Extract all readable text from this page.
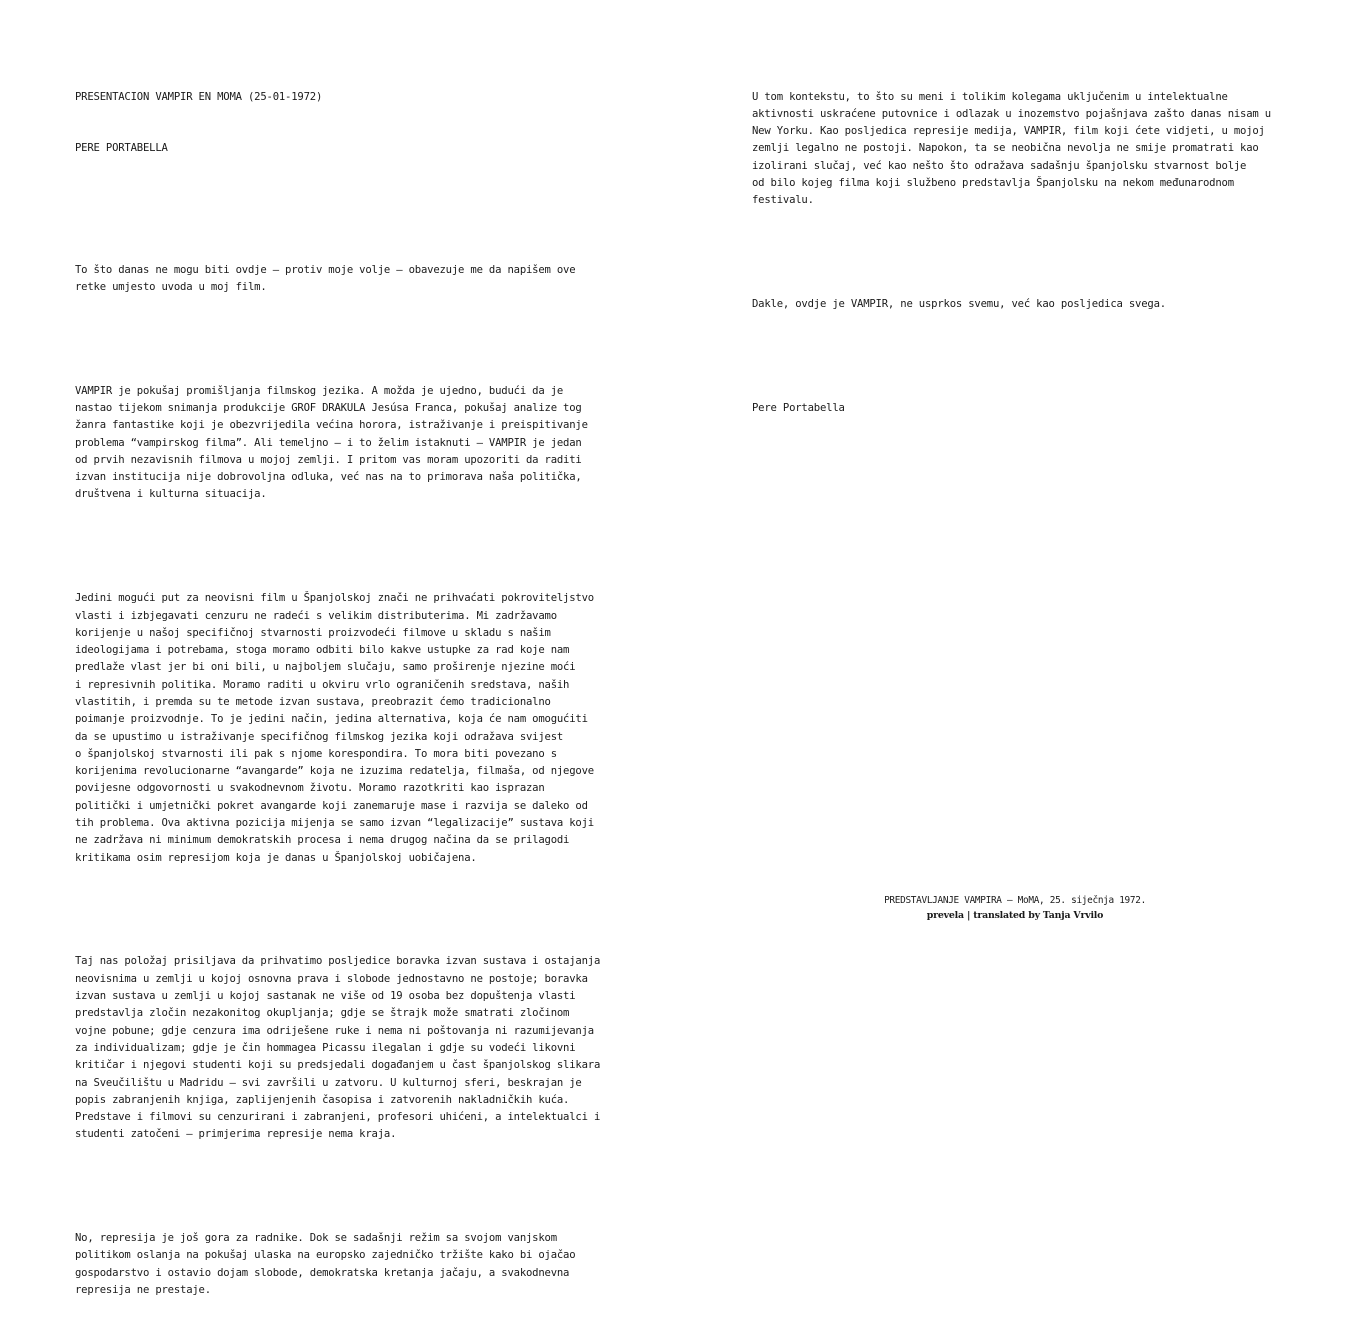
PRESENTACION VAMPIR EN MOMA (25-01-1972)

PERE PORTABELLA

To što danas ne mogu biti ovdje – protiv moje volje – obavezuje me da napišem ove
retke umjesto uvoda u moj film.

VAMPIR je pokušaj promišljanja filmskog jezika. A možda je ujedno, budući da je
nastao tijekom snimanja produkcije GROF DRAKULA Jesúsa Franca, pokušaj analize tog
žanra fantastike koji je obezvrijedila većina horora, istraživanje i preispitivanje
problema “vampirskog filma”. Ali temeljno – i to želim istaknuti – VAMPIR je jedan
od prvih nezavisnih filmova u mojoj zemlji. I pritom vas moram upozoriti da raditi
izvan institucija nije dobrovoljna odluka, već nas na to primorava naša politička,
društvena i kulturna situacija.

Jedini mogući put za neovisni film u Španjolskoj znači ne prihvaćati pokroviteljstvo
vlasti i izbjegavati cenzuru ne radeći s velikim distributerima. Mi zadržavamo
korijenje u našoj specifičnoj stvarnosti proizvodeći filmove u skladu s našim
ideologijama i potrebama, stoga moramo odbiti bilo kakve ustupke za rad koje nam
predlaže vlast jer bi oni bili, u najboljem slučaju, samo proširenje njezine moći
i represivnih politika. Moramo raditi u okviru vrlo ograničenih sredstava, naših
vlastitih, i premda su te metode izvan sustava, preobrazit ćemo tradicionalno
poimanje proizvodnje. To je jedini način, jedina alternativa, koja će nam omogućiti
da se upustimo u istraživanje specifičnog filmskog jezika koji odražava svijest
o španjolskoj stvarnosti ili pak s njome korespondira. To mora biti povezano s
korijenima revolucionarne “avangarde” koja ne izuzima redatelja, filmaša, od njegove
povijesne odgovornosti u svakodnevnom životu. Moramo razotkriti kao isprazan
politički i umjetnički pokret avangarde koji zanemaruje mase i razvija se daleko od
tih problema. Ova aktivna pozicija mijenja se samo izvan “legalizacije” sustava koji
ne zadržava ni minimum demokratskih procesa i nema drugog načina da se prilagodi
kritikama osim represijom koja je danas u Španjolskoj uobičajena.

Taj nas položaj prisiljava da prihvatimo posljedice boravka izvan sustava i ostajanja
neovisnima u zemlji u kojoj osnovna prava i slobode jednostavno ne postoje; boravka
izvan sustava u zemlji u kojoj sastanak ne više od 19 osoba bez dopuštenja vlasti
predstavlja zločin nezakonitog okupljanja; gdje se štrajk može smatrati zločinom
vojne pobune; gdje cenzura ima odriješene ruke i nema ni poštovanja ni razumijevanja
za individualizam; gdje je čin hommagea Picassu ilegalan i gdje su vodeći likovni
kritičar i njegovi studenti koji su predsjedali događanjem u čast španjolskog slikara
na Sveučilištu u Madridu – svi završili u zatvoru. U kulturnoj sferi, beskrajan je
popis zabranjenih knjiga, zaplijenjenih časopisa i zatvorenih nakladničkih kuća.
Predstave i filmovi su cenzurirani i zabranjeni, profesori uhićeni, a intelektualci i
studenti zatočeni – primjerima represije nema kraja.

No, represija je još gora za radnike. Dok se sadašnji režim sa svojom vanjskom
politikom oslanja na pokušaj ulaska na europsko zajedničko tržište kako bi ojačao
gospodarstvo i ostavio dojam slobode, demokratska kretanja jačaju, a svakodnevna
represija ne prestaje.

U tom kontekstu, to što su meni i tolikim kolegama uključenim u intelektualne
aktivnosti uskraćene putovnice i odlazak u inozemstvo pojašnjava zašto danas nisam u
New Yorku. Kao posljedica represije medija, VAMPIR, film koji ćete vidjeti, u mojoj
zemlji legalno ne postoji. Napokon, ta se neobična nevolja ne smije promatrati kao
izolirani slučaj, već kao nešto što odražava sadašnju španjolsku stvarnost bolje
od bilo kojeg filma koji službeno predstavlja Španjolsku na nekom međunarodnom
festivalu.

Dakle, ovdje je VAMPIR, ne usprkos svemu, već kao posljedica svega.

Pere Portabella

PREDSTAVLJANJE VAMPIRA – MoMA, 25. siječnja 1972.
prevela | translated by Tanja Vrvilo
